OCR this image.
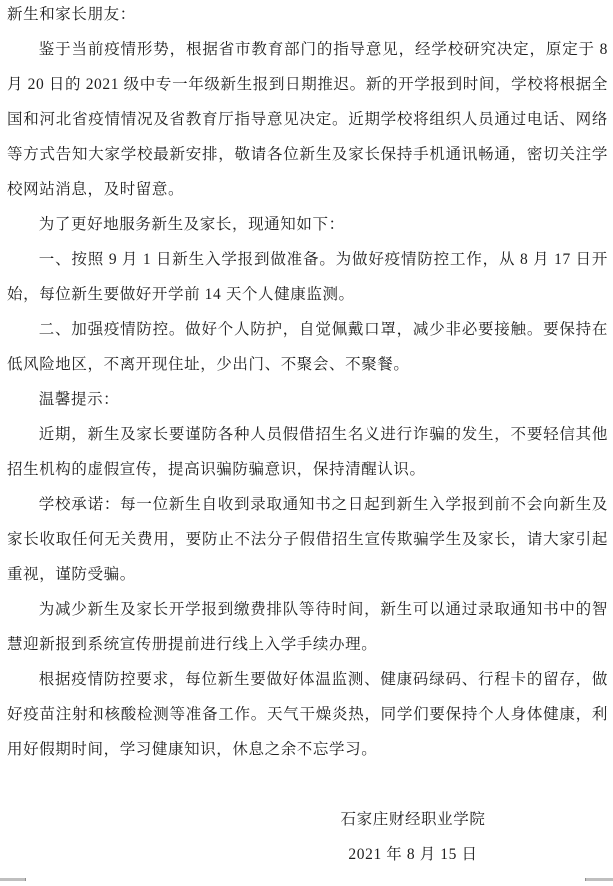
新生和家长朋友：

鉴于当前疫情形势，根据省市教育部门的指导意见，经学校研究决定，原定于 8 月 20 日的 2021 级中专一年级新生报到日期推迟。新的开学报到时间，学校将根据全国和河北省疫情情况及省教育厅指导意见决定。近期学校将组织人员通过电话、网络等方式告知大家学校最新安排，敬请各位新生及家长保持手机通讯畅通，密切关注学校网站消息，及时留意。

为了更好地服务新生及家长，现通知如下：

一、按照 9 月 1 日新生入学报到做准备。为做好疫情防控工作，从 8 月 17 日开始，每位新生要做好开学前 14 天个人健康监测。

二、加强疫情防控。做好个人防护，自觉佩戴口罩，减少非必要接触。要保持在低风险地区，不离开现住址，少出门、不聚会、不聚餐。

温馨提示：

近期，新生及家长要谨防各种人员假借招生名义进行诈骗的发生，不要轻信其他招生机构的虚假宣传，提高识骗防骗意识，保持清醒认识。

学校承诺：每一位新生自收到录取通知书之日起到新生入学报到前不会向新生及家长收取任何无关费用，要防止不法分子假借招生宣传欺骗学生及家长，请大家引起重视，谨防受骗。

为减少新生及家长开学报到缴费排队等待时间，新生可以通过录取通知书中的智慧迎新报到系统宣传册提前进行线上入学手续办理。

根据疫情防控要求，每位新生要做好体温监测、健康码绿码、行程卡的留存，做好疫苗注射和核酸检测等准备工作。天气干燥炎热，同学们要保持个人身体健康，利用好假期时间，学习健康知识，休息之余不忘学习。

石家庄财经职业学院
2021 年 8 月 15 日
